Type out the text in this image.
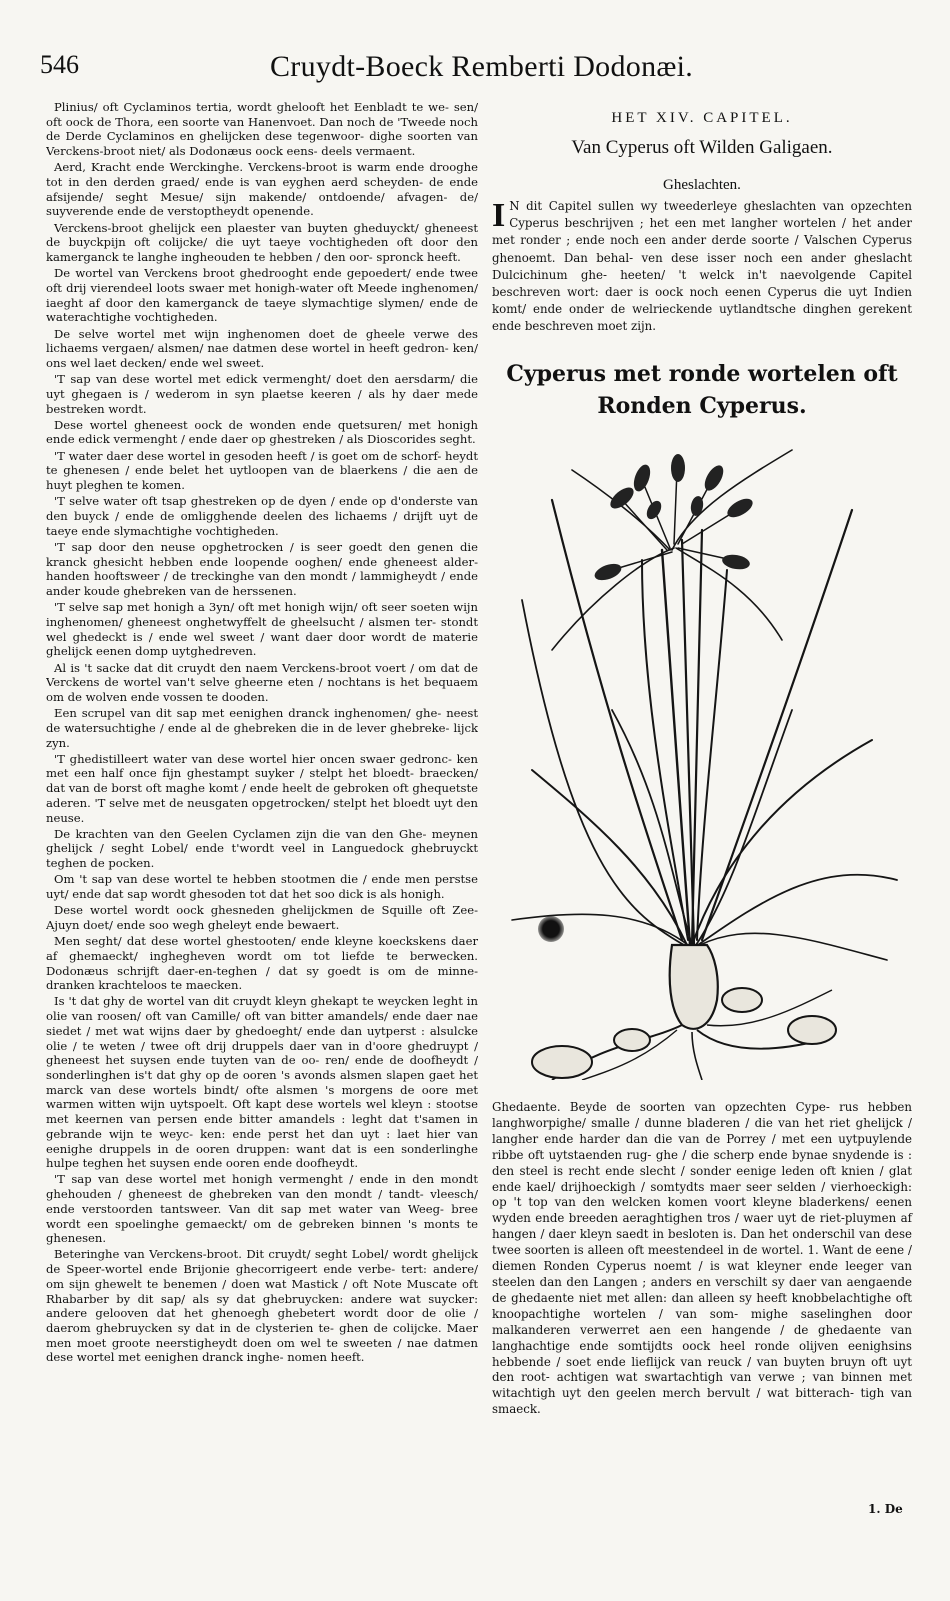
546	Cruydt-Boeck Remberti Dodonæi.

Plinius/ oft Cyclaminos tertia, wordt ghelooft het Eenbladt te we- sen/ oft oock de Thora, een soorte van Hanenvoet. Dan noch de 'Tweede noch de Derde Cyclaminos en ghelijcken dese tegenwoor- dighe soorten van Verckens-broot niet/ als Dodonæus oock eens- deels vermaent.

Aerd, Kracht ende Werckinghe. Verckens-broot is warm ende drooghe tot in den derden graed/ ende is van eyghen aerd scheyden- de ende afsijende/ seght Mesue/ sijn makende/ ontdoende/ afvagen- de/ suyverende ende de verstoptheydt openende.

Verckens-broot ghelijck een plaester van buyten gheduyckt/ gheneest de buyckpijn oft colijcke/ die uyt taeye vochtigheden oft door den kamerganck te langhe ingheouden te hebben / den oor- spronck heeft.

De wortel van Verckens broot ghedrooght ende gepoedert/ ende twee oft drij vierendeel loots swaer met honigh-water oft Meede inghenomen/ iaeght af door den kamerganck de taeye slymachtige slymen/ ende de waterachtighe vochtigheden.

De selve wortel met wijn inghenomen doet de gheele verwe des lichaems vergaen/ alsmen/ nae datmen dese wortel in heeft gedron- ken/ ons wel laet decken/ ende wel sweet.

'T sap van dese wortel met edick vermenght/ doet den aersdarm/ die uyt ghegaen is / wederom in syn plaetse keeren / als hy daer mede bestreken wordt.

Dese wortel gheneest oock de wonden ende quetsuren/ met honigh ende edick vermenght / ende daer op ghestreken / als Dioscorides seght.

'T water daer dese wortel in gesoden heeft / is goet om de schorf- heydt te ghenesen / ende belet het uytloopen van de blaerkens / die aen de huyt pleghen te komen.

'T selve water oft tsap ghestreken op de dyen / ende op d'onderste van den buyck / ende de omligghende deelen des lichaems / drijft uyt de taeye ende slymachtighe vochtigheden.

'T sap door den neuse opghetrocken / is seer goedt den genen die kranck ghesicht hebben ende loopende ooghen/ ende gheneest alder- handen hooftsweer / de treckinghe van den mondt / lammigheydt / ende ander koude ghebreken van de herssenen.

'T selve sap met honigh a 3yn/ oft met honigh wijn/ oft seer soeten wijn inghenomen/ gheneest onghetwyffelt de gheelsucht / alsmen ter- stondt wel ghedeckt is / ende wel sweet / want daer door wordt de materie ghelijck eenen domp uytghedreven.

Al is 't sacke dat dit cruydt den naem Verckens-broot voert / om dat de Verckens de wortel van't selve gheerne eten / nochtans is het bequaem om de wolven ende vossen te dooden.

Een scrupel van dit sap met eenighen dranck inghenomen/ ghe- neest de watersuchtighe / ende al de ghebreken die in de lever ghebreke- lijck zyn.

'T ghedistilleert water van dese wortel hier oncen swaer gedronc- ken met een half once fijn ghestampt suyker / stelpt het bloedt- braecken/ dat van de borst oft maghe komt / ende heelt de gebroken oft ghequetste aderen. 'T selve met de neusgaten opgetrocken/ stelpt het bloedt uyt den neuse.

De krachten van den Geelen Cyclamen zijn die van den Ghe- meynen ghelijck / seght Lobel/ ende t'wordt veel in Languedock ghebruyckt teghen de pocken.

Om 't sap van dese wortel te hebben stootmen die / ende men perstse uyt/ ende dat sap wordt ghesoden tot dat het soo dick is als honigh.

Dese wortel wordt oock ghesneden ghelijckmen de Squille oft Zee-Ajuyn doet/ ende soo wegh gheleyt ende bewaert.

Men seght/ dat dese wortel ghestooten/ ende kleyne koeckskens daer af ghemaeckt/ inghegheven wordt om tot liefde te berwecken. Dodonæus schrijft daer-en-teghen / dat sy goedt is om de minne- dranken krachteloos te maecken.

Is 't dat ghy de wortel van dit cruydt kleyn ghekapt te weycken leght in olie van roosen/ oft van Camille/ oft van bitter amandels/ ende daer nae siedet / met wat wijns daer by ghedoeght/ ende dan uytperst : alsulcke olie / te weten / twee oft drij druppels daer van in d'oore ghedruypt / gheneest het suysen ende tuyten van de oo- ren/ ende de doofheydt / sonderlinghen is't dat ghy op de ooren 's avonds alsmen slapen gaet het marck van dese wortels bindt/ ofte alsmen 's morgens de oore met warmen witten wijn uytspoelt. Oft kapt dese wortels wel kleyn : stootse met keernen van persen ende bitter amandels : leght dat t'samen in gebrande wijn te weyc- ken: ende perst het dan uyt : laet hier van eenighe druppels in de ooren druppen: want dat is een sonderlinghe hulpe teghen het suysen ende ooren ende doofheydt.

'T sap van dese wortel met honigh vermenght / ende in den mondt ghehouden / gheneest de ghebreken van den mondt / tandt- vleesch/ ende verstoorden tantsweer. Van dit sap met water van Weeg- bree wordt een spoelinghe gemaeckt/ om de gebreken binnen 's monts te ghenesen.

Beteringhe van Verckens-broot. Dit cruydt/ seght Lobel/ wordt ghelijck de Speer-wortel ende Brijonie ghecorrigeert ende verbe- tert: andere/ om sijn ghewelt te benemen / doen wat Mastick / oft Note Muscate oft Rhabarber by dit sap/ als sy dat ghebruycken: andere wat suycker: andere gelooven dat het ghenoegh ghebetert wordt door de olie / daerom ghebruycken sy dat in de clysterien te- ghen de colijcke. Maer men moet groote neerstigheydt doen om wel te sweeten / nae datmen dese wortel met eenighen dranck inghe- nomen heeft.

HET XIV. CAPITEL.
Van Cyperus oft Wilden Galigaen.
Gheslachten.

I N dit Capitel sullen wy tweederleye gheslachten van opzechten Cyperus beschrijven ; het een met langher wortelen / het ander met ronder ; ende noch een ander derde soorte / Valschen Cyperus ghenoemt. Dan behal- ven dese isser noch een ander gheslacht Dulcichinum ghe- heeten/ 't welck in't naevolgende Capitel beschreven wort: daer is oock noch eenen Cyperus die uyt Indien komt/ ende onder de welrieckende uytlandtsche dinghen gerekent ende beschreven moet zijn.

Cyperus met ronde wortelen oft
Ronden Cyperus.

Ghedaente. Beyde de soorten van opzechten Cype- rus hebben langhworpighe/ smalle / dunne bladeren / die van het riet ghelijck / langher ende harder dan die van de Porrey / met een uytpuylende ribbe oft uytstaenden rug- ghe / die scherp ende bynae snydende is : den steel is recht ende slecht / sonder eenige leden oft knien / glat ende kael/ drijhoeckigh / somtydts maer seer selden / vierhoeckigh: op 't top van den welcken komen voort kleyne bladerkens/ eenen wyden ende breeden aeraghtighen tros / waer uyt de riet-pluymen af hangen / daer kleyn saedt in besloten is. Dan het onderschil van dese twee soorten is alleen oft meestendeel in de wortel. 1. Want de eene / diemen Ronden Cyperus noemt / is wat kleyner ende leeger van steelen dan den Langen ; anders en verschilt sy daer van aengaende de ghedaente niet met allen: dan alleen sy heeft knobbelachtighe oft knoopachtighe wortelen / van som- mighe saselinghen door malkanderen verwerret aen een hangende / de ghedaente van langhachtige ende somtijdts oock heel ronde olijven eenighsins hebbende / soet ende lieflijck van reuck / van buyten bruyn oft uyt den root- achtigen wat swartachtigh van verwe ; van binnen met witachtigh uyt den geelen merch bervult / wat bitterach- tigh van smaeck.

1. De
